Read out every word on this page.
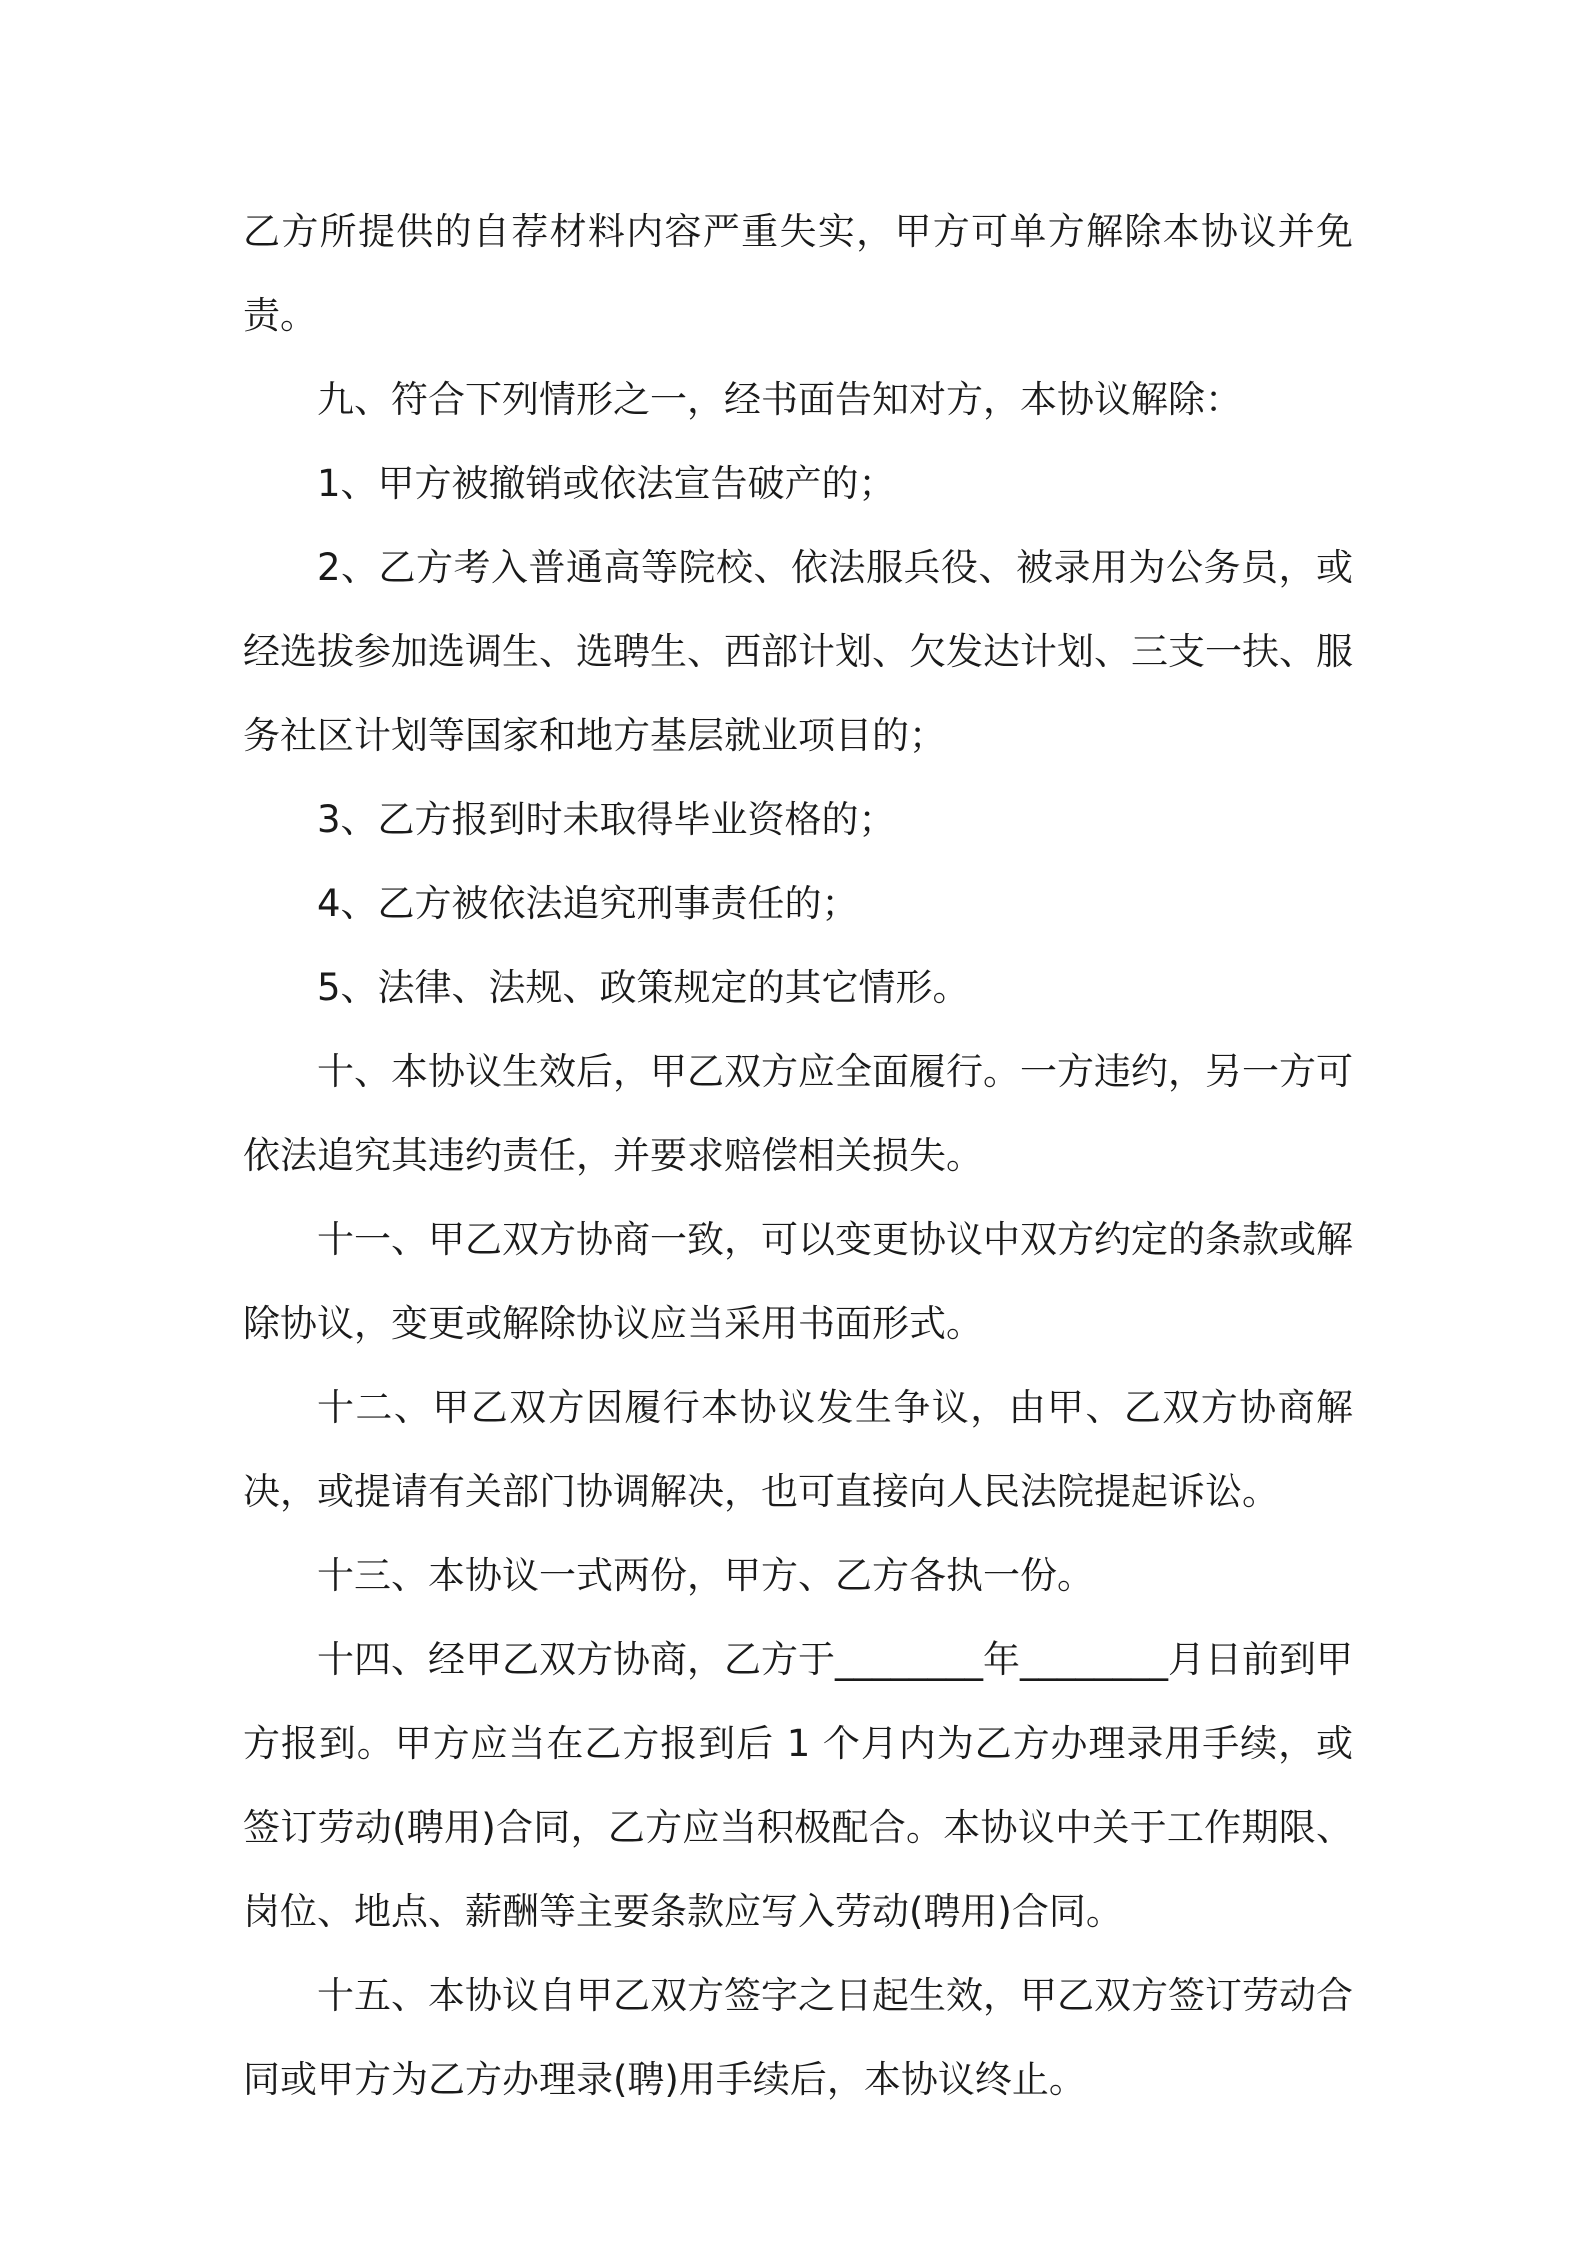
乙方所提供的自荐材料内容严重失实，甲方可单方解除本协议并免责。

九、符合下列情形之一，经书面告知对方，本协议解除：

1、甲方被撤销或依法宣告破产的；

2、乙方考入普通高等院校、依法服兵役、被录用为公务员，或经选拔参加选调生、选聘生、西部计划、欠发达计划、三支一扶、服务社区计划等国家和地方基层就业项目的；

3、乙方报到时未取得毕业资格的；

4、乙方被依法追究刑事责任的；

5、法律、法规、政策规定的其它情形。

十、本协议生效后，甲乙双方应全面履行。一方违约，另一方可依法追究其违约责任，并要求赔偿相关损失。

十一、甲乙双方协商一致，可以变更协议中双方约定的条款或解除协议，变更或解除协议应当采用书面形式。

十二、甲乙双方因履行本协议发生争议，由甲、乙双方协商解决，或提请有关部门协调解决，也可直接向人民法院提起诉讼。

十三、本协议一式两份，甲方、乙方各执一份。

十四、经甲乙双方协商，乙方于________年________月日前到甲方报到。甲方应当在乙方报到后 1 个月内为乙方办理录用手续，或签订劳动(聘用)合同，乙方应当积极配合。本协议中关于工作期限、岗位、地点、薪酬等主要条款应写入劳动(聘用)合同。

十五、本协议自甲乙双方签字之日起生效，甲乙双方签订劳动合同或甲方为乙方办理录(聘)用手续后，本协议终止。
